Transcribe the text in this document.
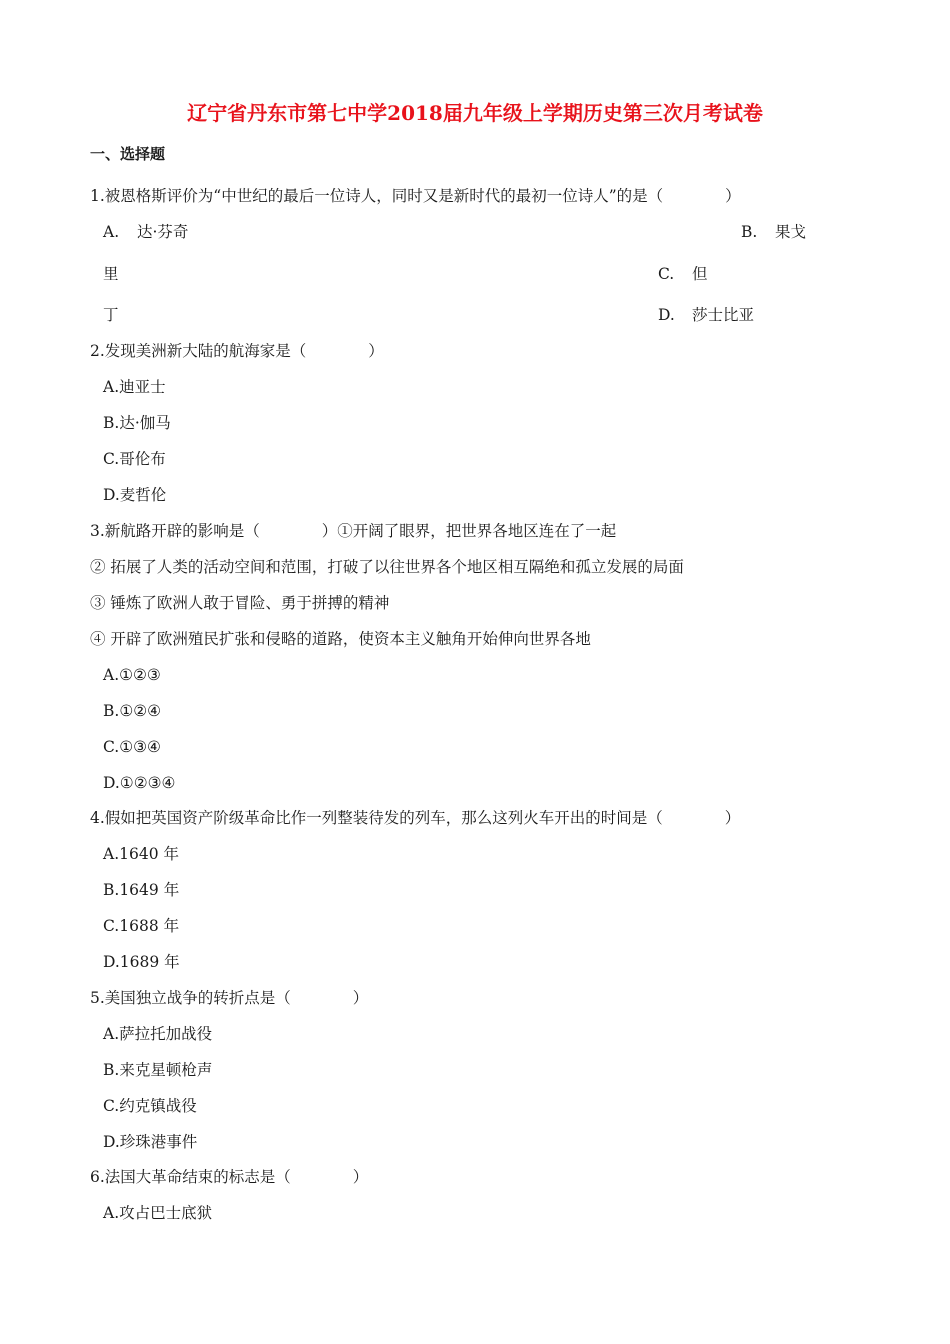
辽宁省丹东市第七中学2018届九年级上学期历史第三次月考试卷
一、选择题
1.被恩格斯评价为“中世纪的最后一位诗人，同时又是新时代的最初一位诗人”的是（　　　　）
A. 达·芬奇	B. 果戈
里	C. 但
丁	D. 莎士比亚
2.发现美洲新大陆的航海家是（　　　　）
A.迪亚士
B.达·伽马
C.哥伦布
D.麦哲伦
3.新航路开辟的影响是（　　　　）①开阔了眼界，把世界各地区连在了一起
② 拓展了人类的活动空间和范围，打破了以往世界各个地区相互隔绝和孤立发展的局面
③ 锤炼了欧洲人敢于冒险、勇于拼搏的精神
④ 开辟了欧洲殖民扩张和侵略的道路，使资本主义触角开始伸向世界各地
A.①②③
B.①②④
C.①③④
D.①②③④
4.假如把英国资产阶级革命比作一列整装待发的列车，那么这列火车开出的时间是（　　　　）
A.1640 年
B.1649 年
C.1688 年
D.1689 年
5.美国独立战争的转折点是（　　　　）
A.萨拉托加战役
B.来克星顿枪声
C.约克镇战役
D.珍珠港事件
6.法国大革命结束的标志是（　　　　）
A.攻占巴士底狱
